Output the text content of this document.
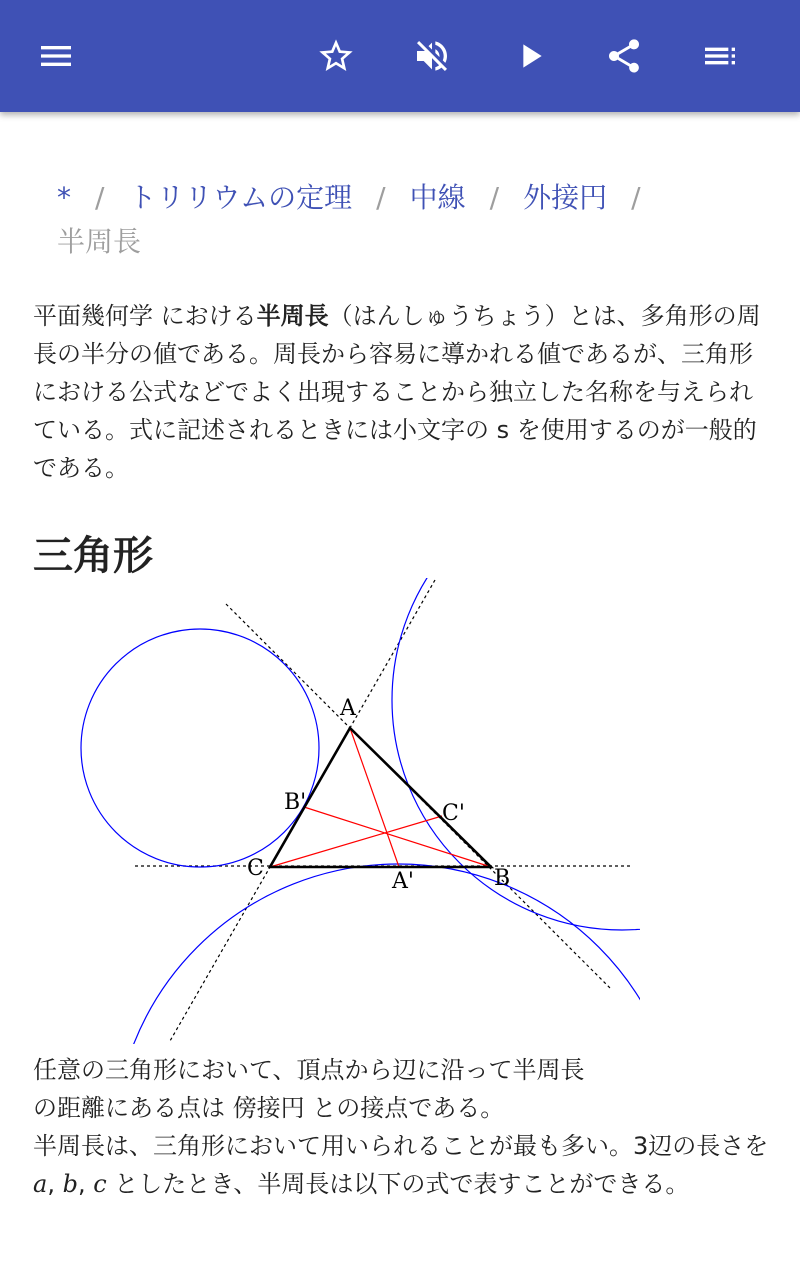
* / トリリウムの定理 / 中線 / 外接円 /
半周長
平面幾何学 における半周長（はんしゅうちょう）とは、多角形の周長の半分の値である。周長から容易に導かれる値であるが、三角形における公式などでよく出現することから独立した名称を与えられている。式に記述されるときには小文字の s を使用するのが一般的である。
三角形
A
B
C
A'
B'	C'
任意の三角形において、頂点から辺に沿って半周長
の距離にある点は 傍接円 との接点である。
半周長は、三角形において用いられることが最も多い。3辺の長さを a, b, c としたとき、半周長は以下の式で表すことができる。
